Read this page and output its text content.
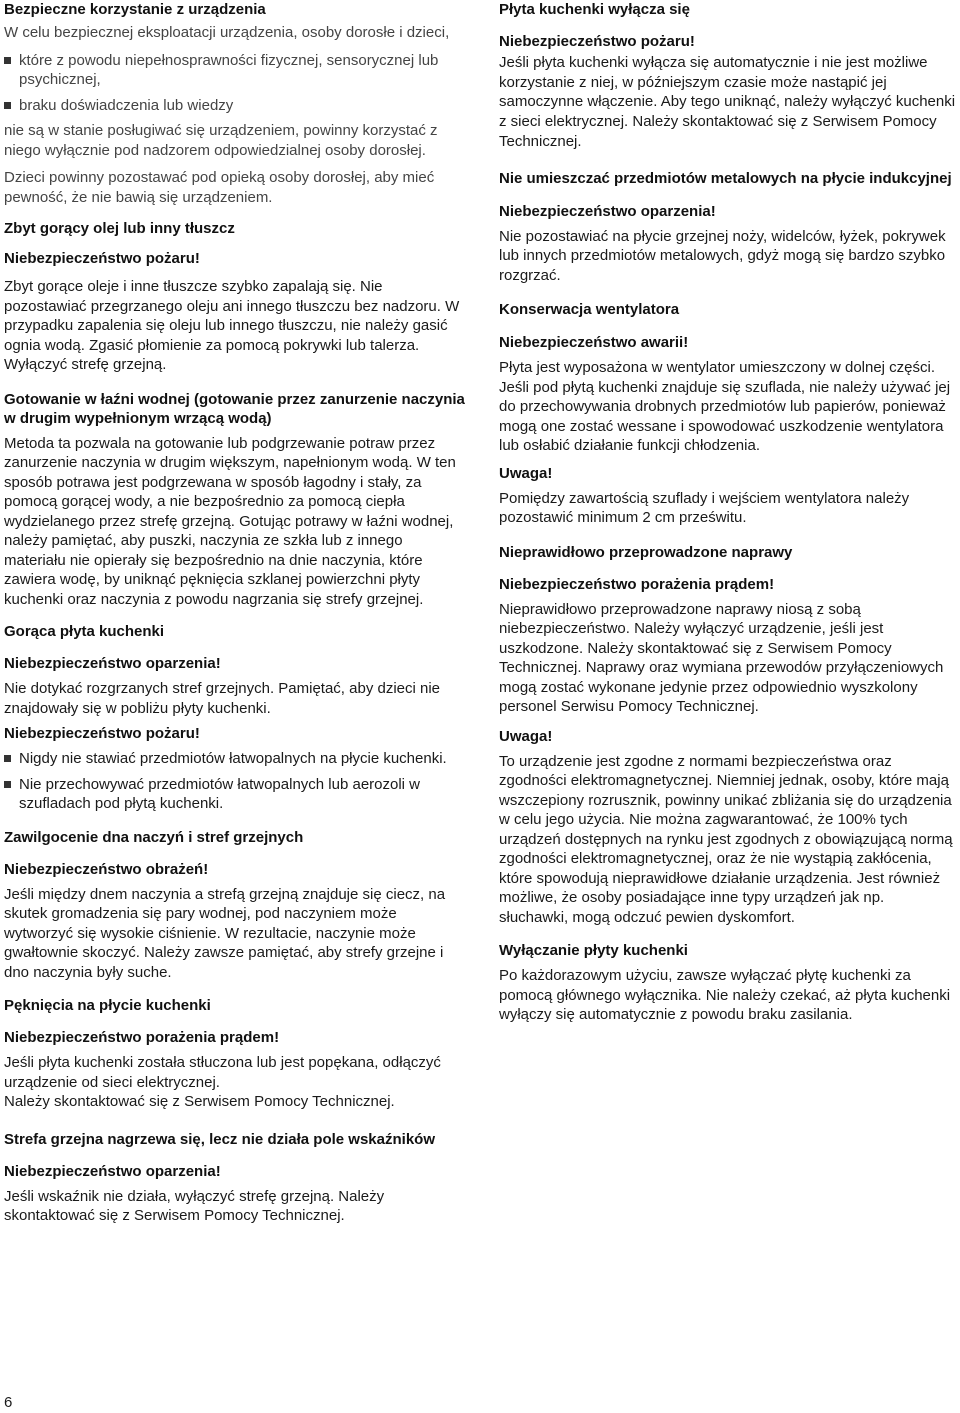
Bezpieczne korzystanie z urządzenia

W celu bezpiecznej eksploatacji urządzenia, osoby dorosłe i dzieci,

które z powodu niepełnosprawności fizycznej, sensorycznej lub psychicznej,
braku doświadczenia lub wiedzy

nie są w stanie posługiwać się urządzeniem, powinny korzystać z niego wyłącznie pod nadzorem odpowiedzialnej osoby dorosłej.

Dzieci powinny pozostawać pod opieką osoby dorosłej, aby mieć pewność, że nie bawią się urządzeniem.

Zbyt gorący olej lub inny tłuszcz
Niebezpieczeństwo pożaru!

Zbyt gorące oleje i inne tłuszcze szybko zapalają się. Nie pozostawiać przegrzanego oleju ani innego tłuszczu bez nadzoru. W przypadku zapalenia się oleju lub innego tłuszczu, nie należy gasić ognia wodą. Zgasić płomienie za pomocą pokrywki lub talerza. Wyłączyć strefę grzejną.

Gotowanie w łaźni wodnej (gotowanie przez zanurzenie naczynia w drugim wypełnionym wrzącą wodą)

Metoda ta pozwala na gotowanie lub podgrzewanie potraw przez zanurzenie naczynia w drugim większym, napełnionym wodą. W ten sposób potrawa jest podgrzewana w sposób łagodny i stały, za pomocą gorącej wody, a nie bezpośrednio za pomocą ciepła wydzielanego przez strefę grzejną. Gotując potrawy w łaźni wodnej, należy pamiętać, aby puszki, naczynia ze szkła lub z innego materiału nie opierały się bezpośrednio na dnie naczynia, które zawiera wodę, by uniknąć pęknięcia szklanej powierzchni płyty kuchenki oraz naczynia z powodu nagrzania się strefy grzejnej.

Gorąca płyta kuchenki
Niebezpieczeństwo oparzenia!

Nie dotykać rozgrzanych stref grzejnych. Pamiętać, aby dzieci nie znajdowały się w pobliżu płyty kuchenki.

Niebezpieczeństwo pożaru!
Nigdy nie stawiać przedmiotów łatwopalnych na płycie kuchenki.
Nie przechowywać przedmiotów łatwopalnych lub aerozoli w szufladach pod płytą kuchenki.
Zawilgocenie dna naczyń i stref grzejnych
Niebezpieczeństwo obrażeń!

Jeśli między dnem naczynia a strefą grzejną znajduje się ciecz, na skutek gromadzenia się pary wodnej, pod naczyniem może wytworzyć się wysokie ciśnienie. W rezultacie, naczynie może gwałtownie skoczyć. Należy zawsze pamiętać, aby strefy grzejne i dno naczynia były suche.

Pęknięcia na płycie kuchenki
Niebezpieczeństwo porażenia prądem!

Jeśli płyta kuchenki została stłuczona lub jest popękana, odłączyć urządzenie od sieci elektrycznej.

Należy skontaktować się z Serwisem Pomocy Technicznej.

Strefa grzejna nagrzewa się, lecz nie działa pole wskaźników
Niebezpieczeństwo oparzenia!

Jeśli wskaźnik nie działa, wyłączyć strefę grzejną. Należy skontaktować się z Serwisem Pomocy Technicznej.

Płyta kuchenki wyłącza się
Niebezpieczeństwo pożaru!

Jeśli płyta kuchenki wyłącza się automatycznie i nie jest możliwe korzystanie z niej, w późniejszym czasie może nastąpić jej samoczynne włączenie. Aby tego uniknąć, należy wyłączyć kuchenki z sieci elektrycznej. Należy skontaktować się z Serwisem Pomocy Technicznej.

Nie umieszczać przedmiotów metalowych na płycie indukcyjnej
Niebezpieczeństwo oparzenia!

Nie pozostawiać na płycie grzejnej noży, widelców, łyżek, pokrywek lub innych przedmiotów metalowych, gdyż mogą się bardzo szybko rozgrzać.

Konserwacja wentylatora
Niebezpieczeństwo awarii!

Płyta jest wyposażona w wentylator umieszczony w dolnej części. Jeśli pod płytą kuchenki znajduje się szuflada, nie należy używać jej do przechowywania drobnych przedmiotów lub papierów, ponieważ mogą one zostać wessane i spowodować uszkodzenie wentylatora lub osłabić działanie funkcji chłodzenia.

Uwaga!

Pomiędzy zawartością szuflady i wejściem wentylatora należy pozostawić minimum 2 cm prześwitu.

Nieprawidłowo przeprowadzone naprawy
Niebezpieczeństwo porażenia prądem!

Nieprawidłowo przeprowadzone naprawy niosą z sobą niebezpieczeństwo. Należy wyłączyć urządzenie, jeśli jest uszkodzone. Należy skontaktować się z Serwisem Pomocy Technicznej. Naprawy oraz wymiana przewodów przyłączeniowych mogą zostać wykonane jedynie przez odpowiednio wyszkolony personel Serwisu Pomocy Technicznej.

Uwaga!

To urządzenie jest zgodne z normami bezpieczeństwa oraz zgodności elektromagnetycznej. Niemniej jednak, osoby, które mają wszczepiony rozrusznik, powinny unikać zbliżania się do urządzenia w celu jego użycia. Nie można zagwarantować, że 100% tych urządzeń dostępnych na rynku jest zgodnych z obowiązującą normą zgodności elektromagnetycznej, oraz że nie wystąpią zakłócenia, które spowodują nieprawidłowe działanie urządzenia. Jest również możliwe, że osoby posiadające inne typy urządzeń jak np. słuchawki, mogą odczuć pewien dyskomfort.

Wyłączanie płyty kuchenki

Po każdorazowym użyciu, zawsze wyłączać płytę kuchenki za pomocą głównego wyłącznika. Nie należy czekać, aż płyta kuchenki wyłączy się automatycznie z powodu braku zasilania.

6
